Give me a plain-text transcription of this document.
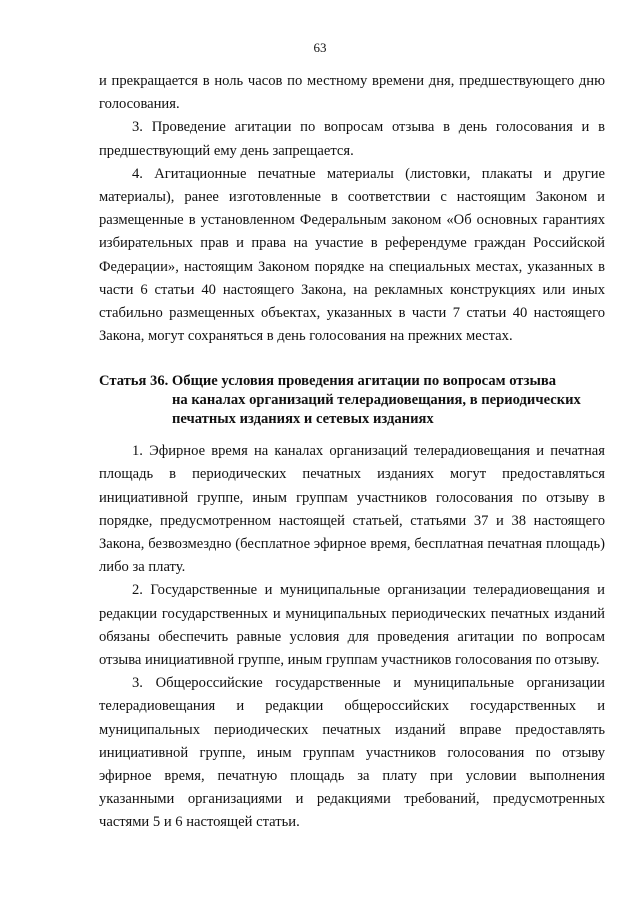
63

и прекращается в ноль часов по местному времени дня, предшествующего дню голосования.

3. Проведение агитации по вопросам отзыва в день голосования и в предшествующий ему день запрещается.

4. Агитационные печатные материалы (листовки, плакаты и другие материалы), ранее изготовленные в соответствии с настоящим Законом и размещенные в установленном Федеральным законом «Об основных гарантиях избирательных прав и права на участие в референдуме граждан Российской Федерации», настоящим Законом порядке на специальных местах, указанных в части 6 статьи 40 настоящего Закона, на рекламных конструкциях или иных стабильно размещенных объектах, указанных в части 7 статьи 40 настоящего Закона, могут сохраняться в день голосования на прежних местах.

Статья 36. Общие условия проведения агитации по вопросам отзыва
на каналах организаций телерадиовещания, в периодических печатных изданиях и сетевых изданиях

1. Эфирное время на каналах организаций телерадиовещания и печатная площадь в периодических печатных изданиях могут предоставляться инициативной группе, иным группам участников голосования по отзыву в порядке, предусмотренном настоящей статьей, статьями 37 и 38 настоящего Закона, безвозмездно (бесплатное эфирное время, бесплатная печатная площадь) либо за плату.

2. Государственные и муниципальные организации телерадиовещания и редакции государственных и муниципальных периодических печатных изданий обязаны обеспечить равные условия для проведения агитации по вопросам отзыва инициативной группе, иным группам участников голосования по отзыву.

3. Общероссийские государственные и муниципальные организации телерадиовещания и редакции общероссийских государственных и муниципальных периодических печатных изданий вправе предоставлять инициативной группе, иным группам участников голосования по отзыву эфирное время, печатную площадь за плату при условии выполнения указанными организациями и редакциями требований, предусмотренных частями 5 и 6 настоящей статьи.
